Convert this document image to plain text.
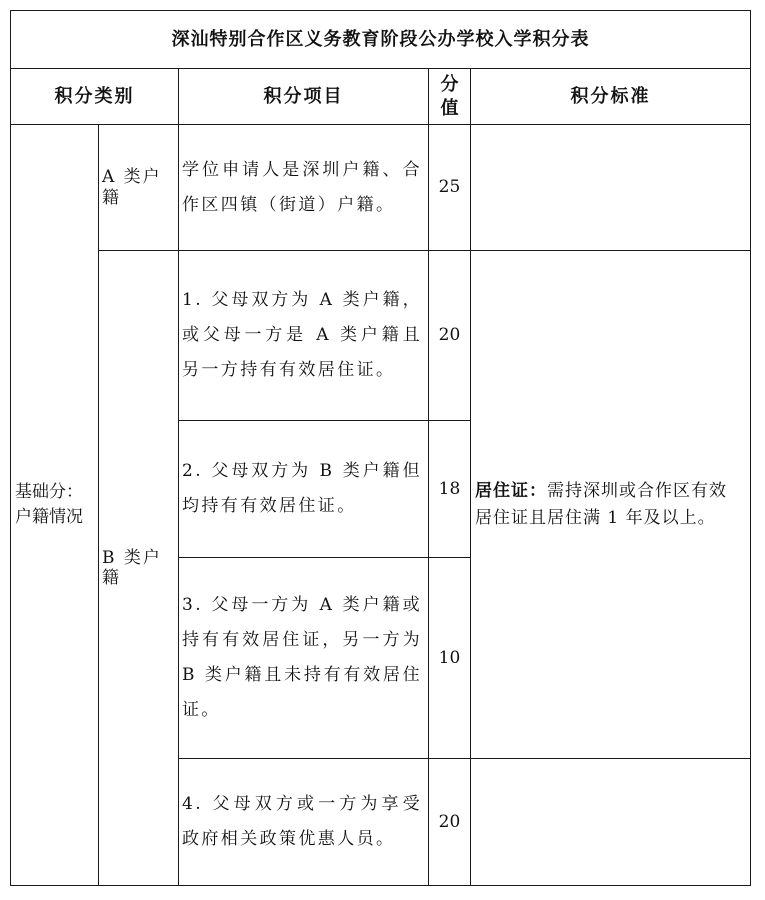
深汕特别合作区义务教育阶段公办学校入学积分表				
积分类别		积分项目	分值	积分标准

基础分：
户籍情况	A 类户籍	学位申请人是深圳户籍、合作区四镇（街道）户籍。	25	
	B 类户籍	1. 父母双方为 A 类户籍，或父母一方是 A 类户籍且另一方持有有效居住证。	20	居住证：需持深圳或合作区有效居住证且居住满 1 年及以上。
		2. 父母双方为 B 类户籍但均持有有效居住证。	18	
		3. 父母一方为 A 类户籍或持有有效居住证，另一方为 B 类户籍且未持有有效居住证。	10	
		4. 父母双方或一方为享受政府相关政策优惠人员。	20	
